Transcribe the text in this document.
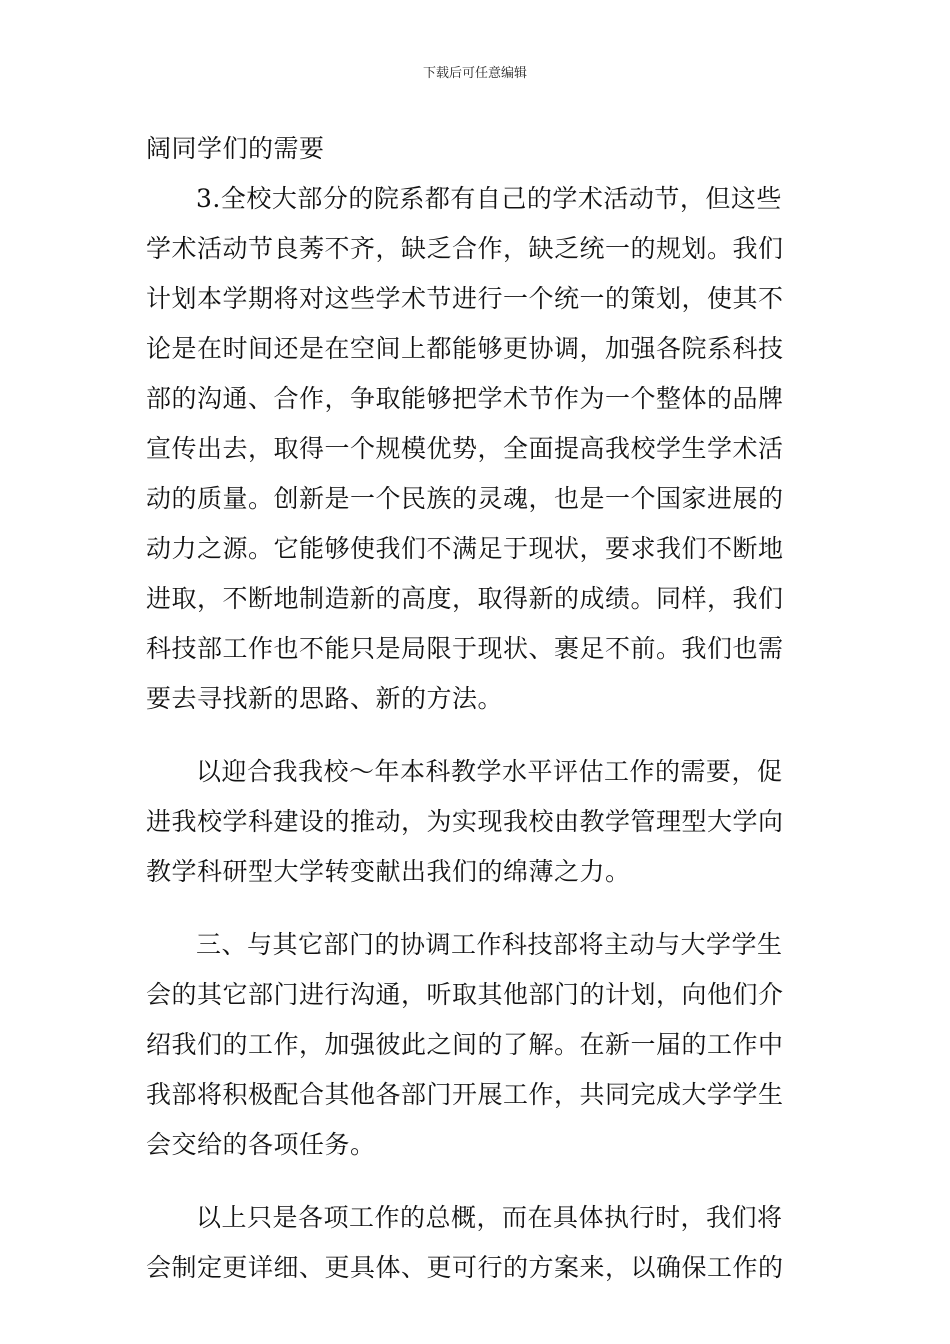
下载后可任意编辑
阔同学们的需要
3.全校大部分的院系都有自己的学术活动节，但这些
学术活动节良莠不齐，缺乏合作，缺乏统一的规划。我们
计划本学期将对这些学术节进行一个统一的策划，使其不
论是在时间还是在空间上都能够更协调，加强各院系科技
部的沟通、合作，争取能够把学术节作为一个整体的品牌
宣传出去，取得一个规模优势，全面提高我校学生学术活
动的质量。创新是一个民族的灵魂，也是一个国家进展的
动力之源。它能够使我们不满足于现状，要求我们不断地
进取，不断地制造新的高度，取得新的成绩。同样，我们
科技部工作也不能只是局限于现状、裹足不前。我们也需
要去寻找新的思路、新的方法。
以迎合我我校～年本科教学水平评估工作的需要，促
进我校学科建设的推动，为实现我校由教学管理型大学向
教学科研型大学转变献出我们的绵薄之力。
三、与其它部门的协调工作科技部将主动与大学学生
会的其它部门进行沟通，听取其他部门的计划，向他们介
绍我们的工作，加强彼此之间的了解。在新一届的工作中
我部将积极配合其他各部门开展工作，共同完成大学学生
会交给的各项任务。
以上只是各项工作的总概，而在具体执行时，我们将
会制定更详细、更具体、更可行的方案来，以确保工作的
